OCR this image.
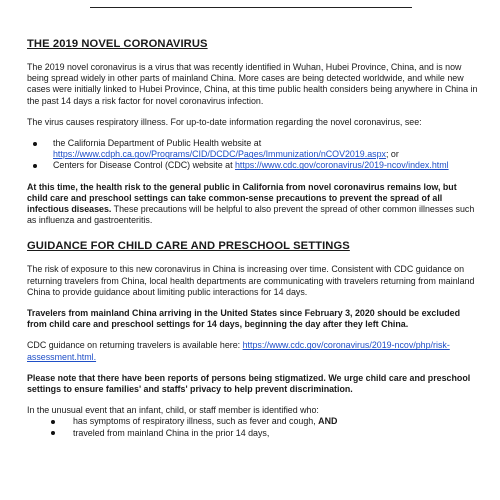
THE 2019 NOVEL CORONAVIRUS

The 2019 novel coronavirus is a virus that was recently identified in Wuhan, Hubei Province, China, and is now being spread widely in other parts of mainland China. More cases are being detected worldwide, and while new cases were initially linked to Hubei Province, China, at this time public health considers being anywhere in China in the past 14 days a risk factor for novel coronavirus infection.

The virus causes respiratory illness. For up-to-date information regarding the novel coronavirus, see:

the California Department of Public Health website at
https://www.cdph.ca.gov/Programs/CID/DCDC/Pages/Immunization/nCOV2019.aspx; or
Centers for Disease Control (CDC) website at https://www.cdc.gov/coronavirus/2019-ncov/index.html

At this time, the health risk to the general public in California from novel coronavirus remains low, but child care and preschool settings can take common-sense precautions to prevent the spread of all infectious diseases. These precautions will be helpful to also prevent the spread of other common illnesses such as influenza and gastroenteritis.

GUIDANCE FOR CHILD CARE AND PRESCHOOL SETTINGS

The risk of exposure to this new coronavirus in China is increasing over time. Consistent with CDC guidance on returning travelers from China, local health departments are communicating with travelers returning from mainland China to provide guidance about limiting public interactions for 14 days.

Travelers from mainland China arriving in the United States since February 3, 2020 should be excluded from child care and preschool settings for 14 days, beginning the day after they left China.

CDC guidance on returning travelers is available here: https://www.cdc.gov/coronavirus/2019-ncov/php/risk-assessment.html.

Please note that there have been reports of persons being stigmatized. We urge child care and preschool settings to ensure families' and staffs' privacy to help prevent discrimination.

In the unusual event that an infant, child, or staff member is identified who:

has symptoms of respiratory illness, such as fever and cough, AND
traveled from mainland China in the prior 14 days,
